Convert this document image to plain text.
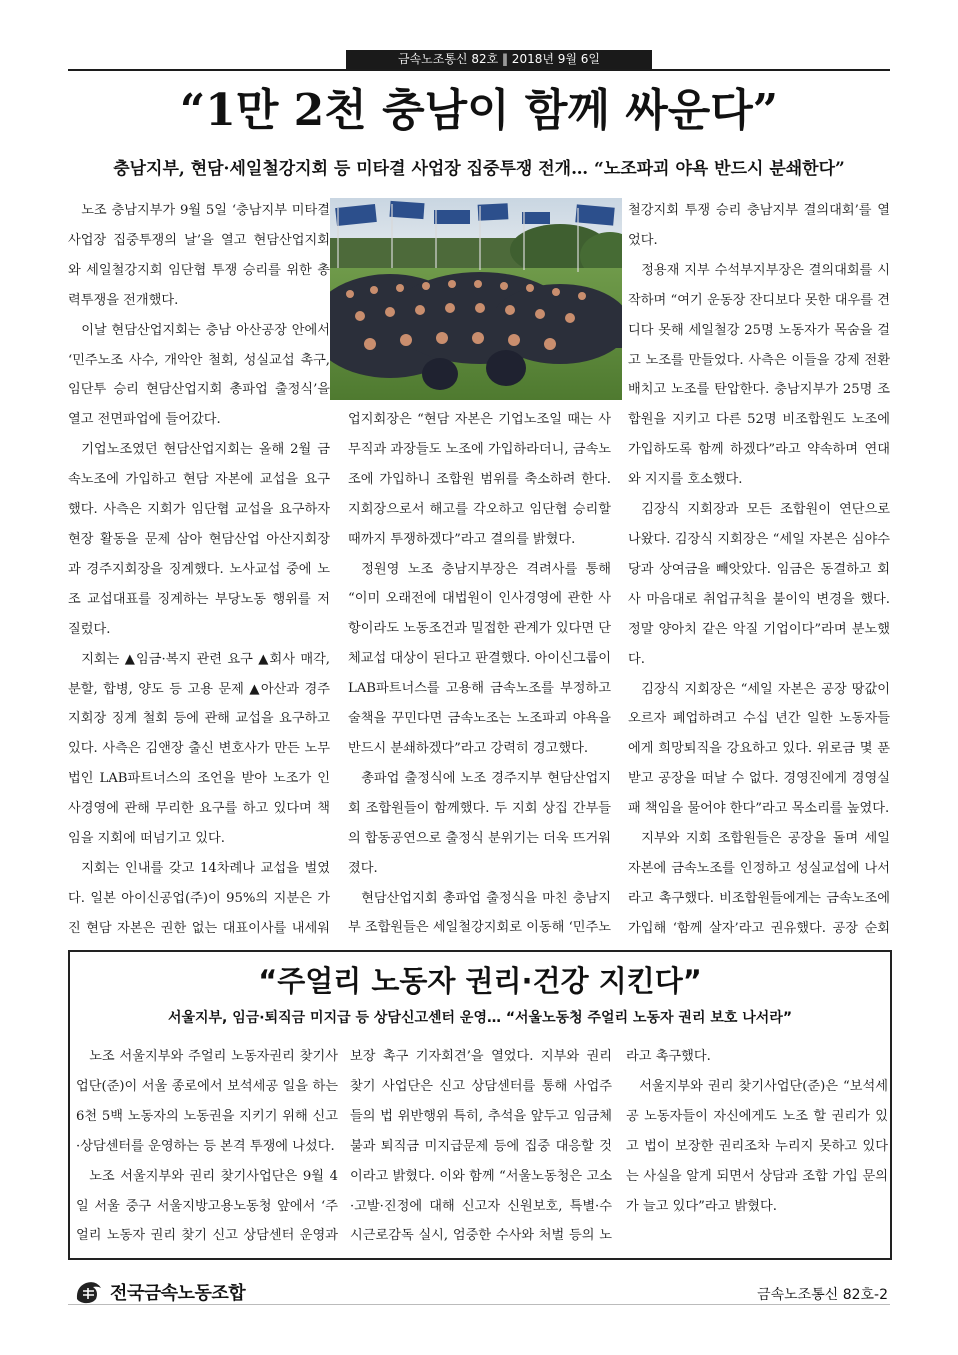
금속노조통신 82호 ‖ 2018년 9월 6일
“1만 2천 충남이 함께 싸운다”
충남지부, 현담·세일철강지회 등 미타결 사업장 집중투쟁 전개… “노조파괴 야욕 반드시 분쇄한다”

노조 충남지부가 9월 5일 ‘충남지부 미타결 사업장 집중투쟁의 날’을 열고 현담산업지회와 세일철강지회 임단협 투쟁 승리를 위한 총력투쟁을 전개했다.

이날 현담산업지회는 충남 아산공장 안에서 ‘민주노조 사수, 개악안 철회, 성실교섭 촉구, 임단투 승리 현담산업지회 총파업 출정식’을 열고 전면파업에 들어갔다.

기업노조였던 현담산업지회는 올해 2월 금속노조에 가입하고 현담 자본에 교섭을 요구했다. 사측은 지회가 임단협 교섭을 요구하자 현장 활동을 문제 삼아 현담산업 아산지회장과 경주지회장을 징계했다. 노사교섭 중에 노조 교섭대표를 징계하는 부당노동 행위를 저질렀다.

지회는 ▲임금·복지 관련 요구 ▲회사 매각, 분할, 합병, 양도 등 고용 문제 ▲아산과 경주지회장 징계 철회 등에 관해 교섭을 요구하고 있다. 사측은 김앤장 출신 변호사가 만든 노무법인 LAB파트너스의 조언을 받아 노조가 인사경영에 관해 무리한 요구를 하고 있다며 책임을 지회에 떠넘기고 있다.

지회는 인내를 갖고 14차례나 교섭을 벌였다. 일본 아이신공업(주)이 95%의 지분은 가진 현담 자본은 권한 없는 대표이사를 내세워

업지회장은 “현담 자본은 기업노조일 때는 사무직과 과장들도 노조에 가입하라더니, 금속노조에 가입하니 조합원 범위를 축소하려 한다. 지회장으로서 해고를 각오하고 임단협 승리할 때까지 투쟁하겠다”라고 결의를 밝혔다.

정원영 노조 충남지부장은 격려사를 통해 “이미 오래전에 대법원이 인사경영에 관한 사항이라도 노동조건과 밀접한 관계가 있다면 단체교섭 대상이 된다고 판결했다. 아이신그룹이 LAB파트너스를 고용해 금속노조를 부정하고 술책을 꾸민다면 금속노조는 노조파괴 야욕을 반드시 분쇄하겠다”라고 강력히 경고했다.

총파업 출정식에 노조 경주지부 현담산업지회 조합원들이 함께했다. 두 지회 상집 간부들의 합동공연으로 출정식 분위기는 더욱 뜨거워졌다.

현담산업지회 총파업 출정식을 마친 충남지부 조합원들은 세일철강지회로 이동해 ‘민주노

철강지회 투쟁 승리 충남지부 결의대회’를 열었다.

정용재 지부 수석부지부장은 결의대회를 시작하며 “여기 운동장 잔디보다 못한 대우를 견디다 못해 세일철강 25명 노동자가 목숨을 걸고 노조를 만들었다. 사측은 이들을 강제 전환배치고 노조를 탄압한다. 충남지부가 25명 조합원을 지키고 다른 52명 비조합원도 노조에 가입하도록 함께 하겠다”라고 약속하며 연대와 지지를 호소했다.

김장식 지회장과 모든 조합원이 연단으로 나왔다. 김장식 지회장은 “세일 자본은 심야수당과 상여금을 빼앗았다. 임금은 동결하고 회사 마음대로 취업규칙을 불이익 변경을 했다. 정말 양아치 같은 악질 기업이다”라며 분노했다.

김장식 지회장은 “세일 자본은 공장 땅값이 오르자 폐업하려고 수십 년간 일한 노동자들에게 희망퇴직을 강요하고 있다. 위로금 몇 푼 받고 공장을 떠날 수 없다. 경영진에게 경영실패 책임을 물어야 한다”라고 목소리를 높였다.

지부와 지회 조합원들은 공장을 돌며 세일 자본에 금속노조를 인정하고 성실교섭에 나서라고 촉구했다. 비조합원들에게는 금속노조에 가입해 ‘함께 살자’라고 권유했다. 공장 순회

“주얼리 노동자 권리·건강 지킨다”
서울지부, 임금·퇴직금 미지급 등 상담신고센터 운영… “서울노동청 주얼리 노동자 권리 보호 나서라”

노조 서울지부와 주얼리 노동자권리 찾기사업단(준)이 서울 종로에서 보석세공 일을 하는 6천 5백 노동자의 노동권을 지키기 위해 신고·상담센터를 운영하는 등 본격 투쟁에 나섰다.

노조 서울지부와 권리 찾기사업단은 9월 4일 서울 중구 서울지방고용노동청 앞에서 ‘주얼리 노동자 권리 찾기 신고 상담센터 운영과

보장 촉구 기자회견’을 열었다. 지부와 권리 찾기 사업단은 신고 상담센터를 통해 사업주들의 법 위반행위 특히, 추석을 앞두고 임금체불과 퇴직금 미지급문제 등에 집중 대응할 것이라고 밝혔다. 이와 함께 “서울노동청은 고소·고발·진정에 대해 신고자 신원보호, 특별·수시근로감독 실시, 엄중한 수사와 처벌 등의 노

라고 촉구했다.

서울지부와 권리 찾기사업단(준)은 “보석세공 노동자들이 자신에게도 노조 할 권리가 있고 법이 보장한 권리조차 누리지 못하고 있다는 사실을 알게 되면서 상담과 조합 가입 문의가 늘고 있다”라고 밝혔다.

전국금속노동조합	금속노조통신 82호-2
